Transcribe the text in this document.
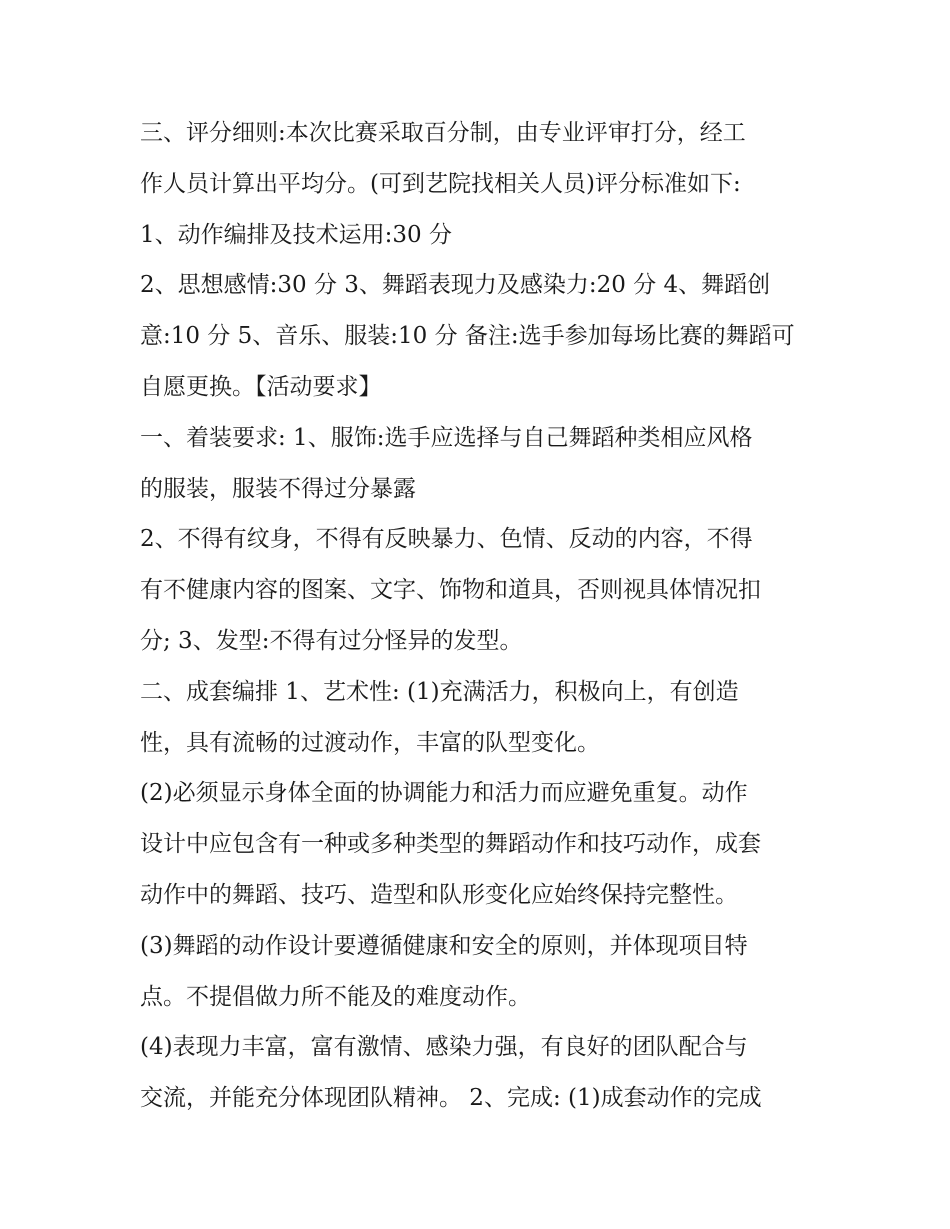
三、评分细则:本次比赛采取百分制，由专业评审打分，经工
作人员计算出平均分。(可到艺院找相关人员)评分标准如下:
1、动作编排及技术运用:30 分
2、思想感情:30 分 3、舞蹈表现力及感染力:20 分 4、舞蹈创
意:10 分 5、音乐、服装:10 分 备注:选手参加每场比赛的舞蹈可
自愿更换。【活动要求】
一、着装要求: 1、服饰:选手应选择与自己舞蹈种类相应风格
的服装，服装不得过分暴露
2、不得有纹身，不得有反映暴力、色情、反动的内容，不得
有不健康内容的图案、文字、饰物和道具，否则视具体情况扣
分; 3、发型:不得有过分怪异的发型。
二、成套编排 1、艺术性: (1)充满活力，积极向上，有创造
性，具有流畅的过渡动作，丰富的队型变化。
(2)必须显示身体全面的协调能力和活力而应避免重复。动作
设计中应包含有一种或多种类型的舞蹈动作和技巧动作，成套
动作中的舞蹈、技巧、造型和队形变化应始终保持完整性。
(3)舞蹈的动作设计要遵循健康和安全的原则，并体现项目特
点。不提倡做力所不能及的难度动作。
(4)表现力丰富，富有激情、感染力强，有良好的团队配合与
交流，并能充分体现团队精神。 2、完成: (1)成套动作的完成
